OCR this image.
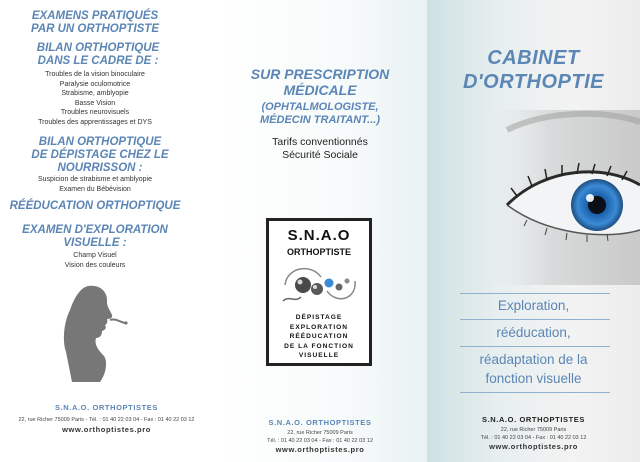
EXAMENS PRATIQUÉS PAR UN ORTHOPTISTE
BILAN ORTHOPTIQUE DANS LE CADRE DE :
Troubles de la vision binoculaire
Paralysie oculomotrice
Strabisme, amblyopie
Basse Vision
Troubles neurovisuels
Troubles des apprentissages et DYS
BILAN ORTHOPTIQUE DE DÉPISTAGE CHEZ LE NOURRISSON :
Suspicion de strabisme et amblyopie
Examen du Bébévision
RÉÉDUCATION ORTHOPTIQUE
EXAMEN D'EXPLORATION VISUELLE :
Champ Visuel
Vision des couleurs
S.N.A.O. ORTHOPTISTES
22, rue Richer 75009 Paris - Tél. : 01 40 22 03 04 - Fax : 01 40 22 03 12
www.orthoptistes.pro
SUR PRESCRIPTION MÉDICALE
(OPHTALMOLOGISTE, MÉDECIN TRAITANT...)
Tarifs conventionnés
Sécurité Sociale
S.N.A.O
ORTHOPTISTE
DÉPISTAGE
EXPLORATION
RÉÉDUCATION
DE LA FONCTION
VISUELLE
S.N.A.O. ORTHOPTISTES
22, rue Richer 75009 Paris
Tél. : 01 40 22 03 04 - Fax : 01 40 22 03 12
www.orthoptistes.pro
CABINET
D'ORTHOPTIE
Exploration,
rééducation,
réadaptation de la
fonction visuelle
S.N.A.O. ORTHOPTISTES
22, rue Richer 75009 Paris
Tél. : 01 40 22 03 04 - Fax : 01 40 22 03 12
www.orthoptistes.pro
